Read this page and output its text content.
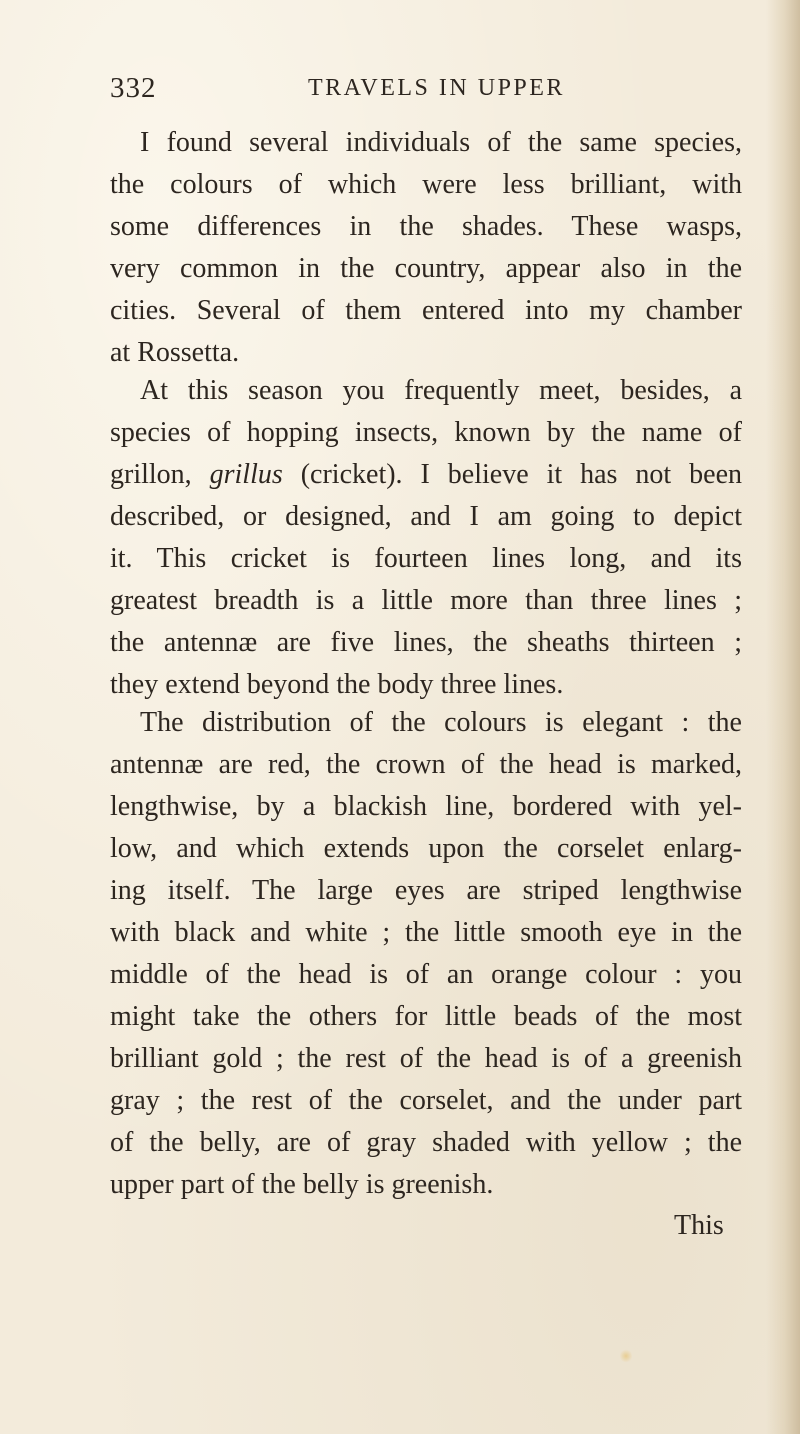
332	TRAVELS IN UPPER
I found several individuals of the same species,
the colours of which were less brilliant, with
some differences in the shades. These wasps,
very common in the country, appear also in the
cities. Several of them entered into my chamber
at Rossetta.
At this season you frequently meet, besides, a
species of hopping insects, known by the name of
grillon, grillus (cricket). I believe it has not been
described, or designed, and I am going to depict
it. This cricket is fourteen lines long, and its
greatest breadth is a little more than three lines ;
the antennæ are five lines, the sheaths thirteen ;
they extend beyond the body three lines.
The distribution of the colours is elegant : the
antennæ are red, the crown of the head is marked,
lengthwise, by a blackish line, bordered with yel-
low, and which extends upon the corselet enlarg-
ing itself. The large eyes are striped lengthwise
with black and white ; the little smooth eye in the
middle of the head is of an orange colour : you
might take the others for little beads of the most
brilliant gold ; the rest of the head is of a greenish
gray ; the rest of the corselet, and the under part
of the belly, are of gray shaded with yellow ; the
upper part of the belly is greenish.
This
